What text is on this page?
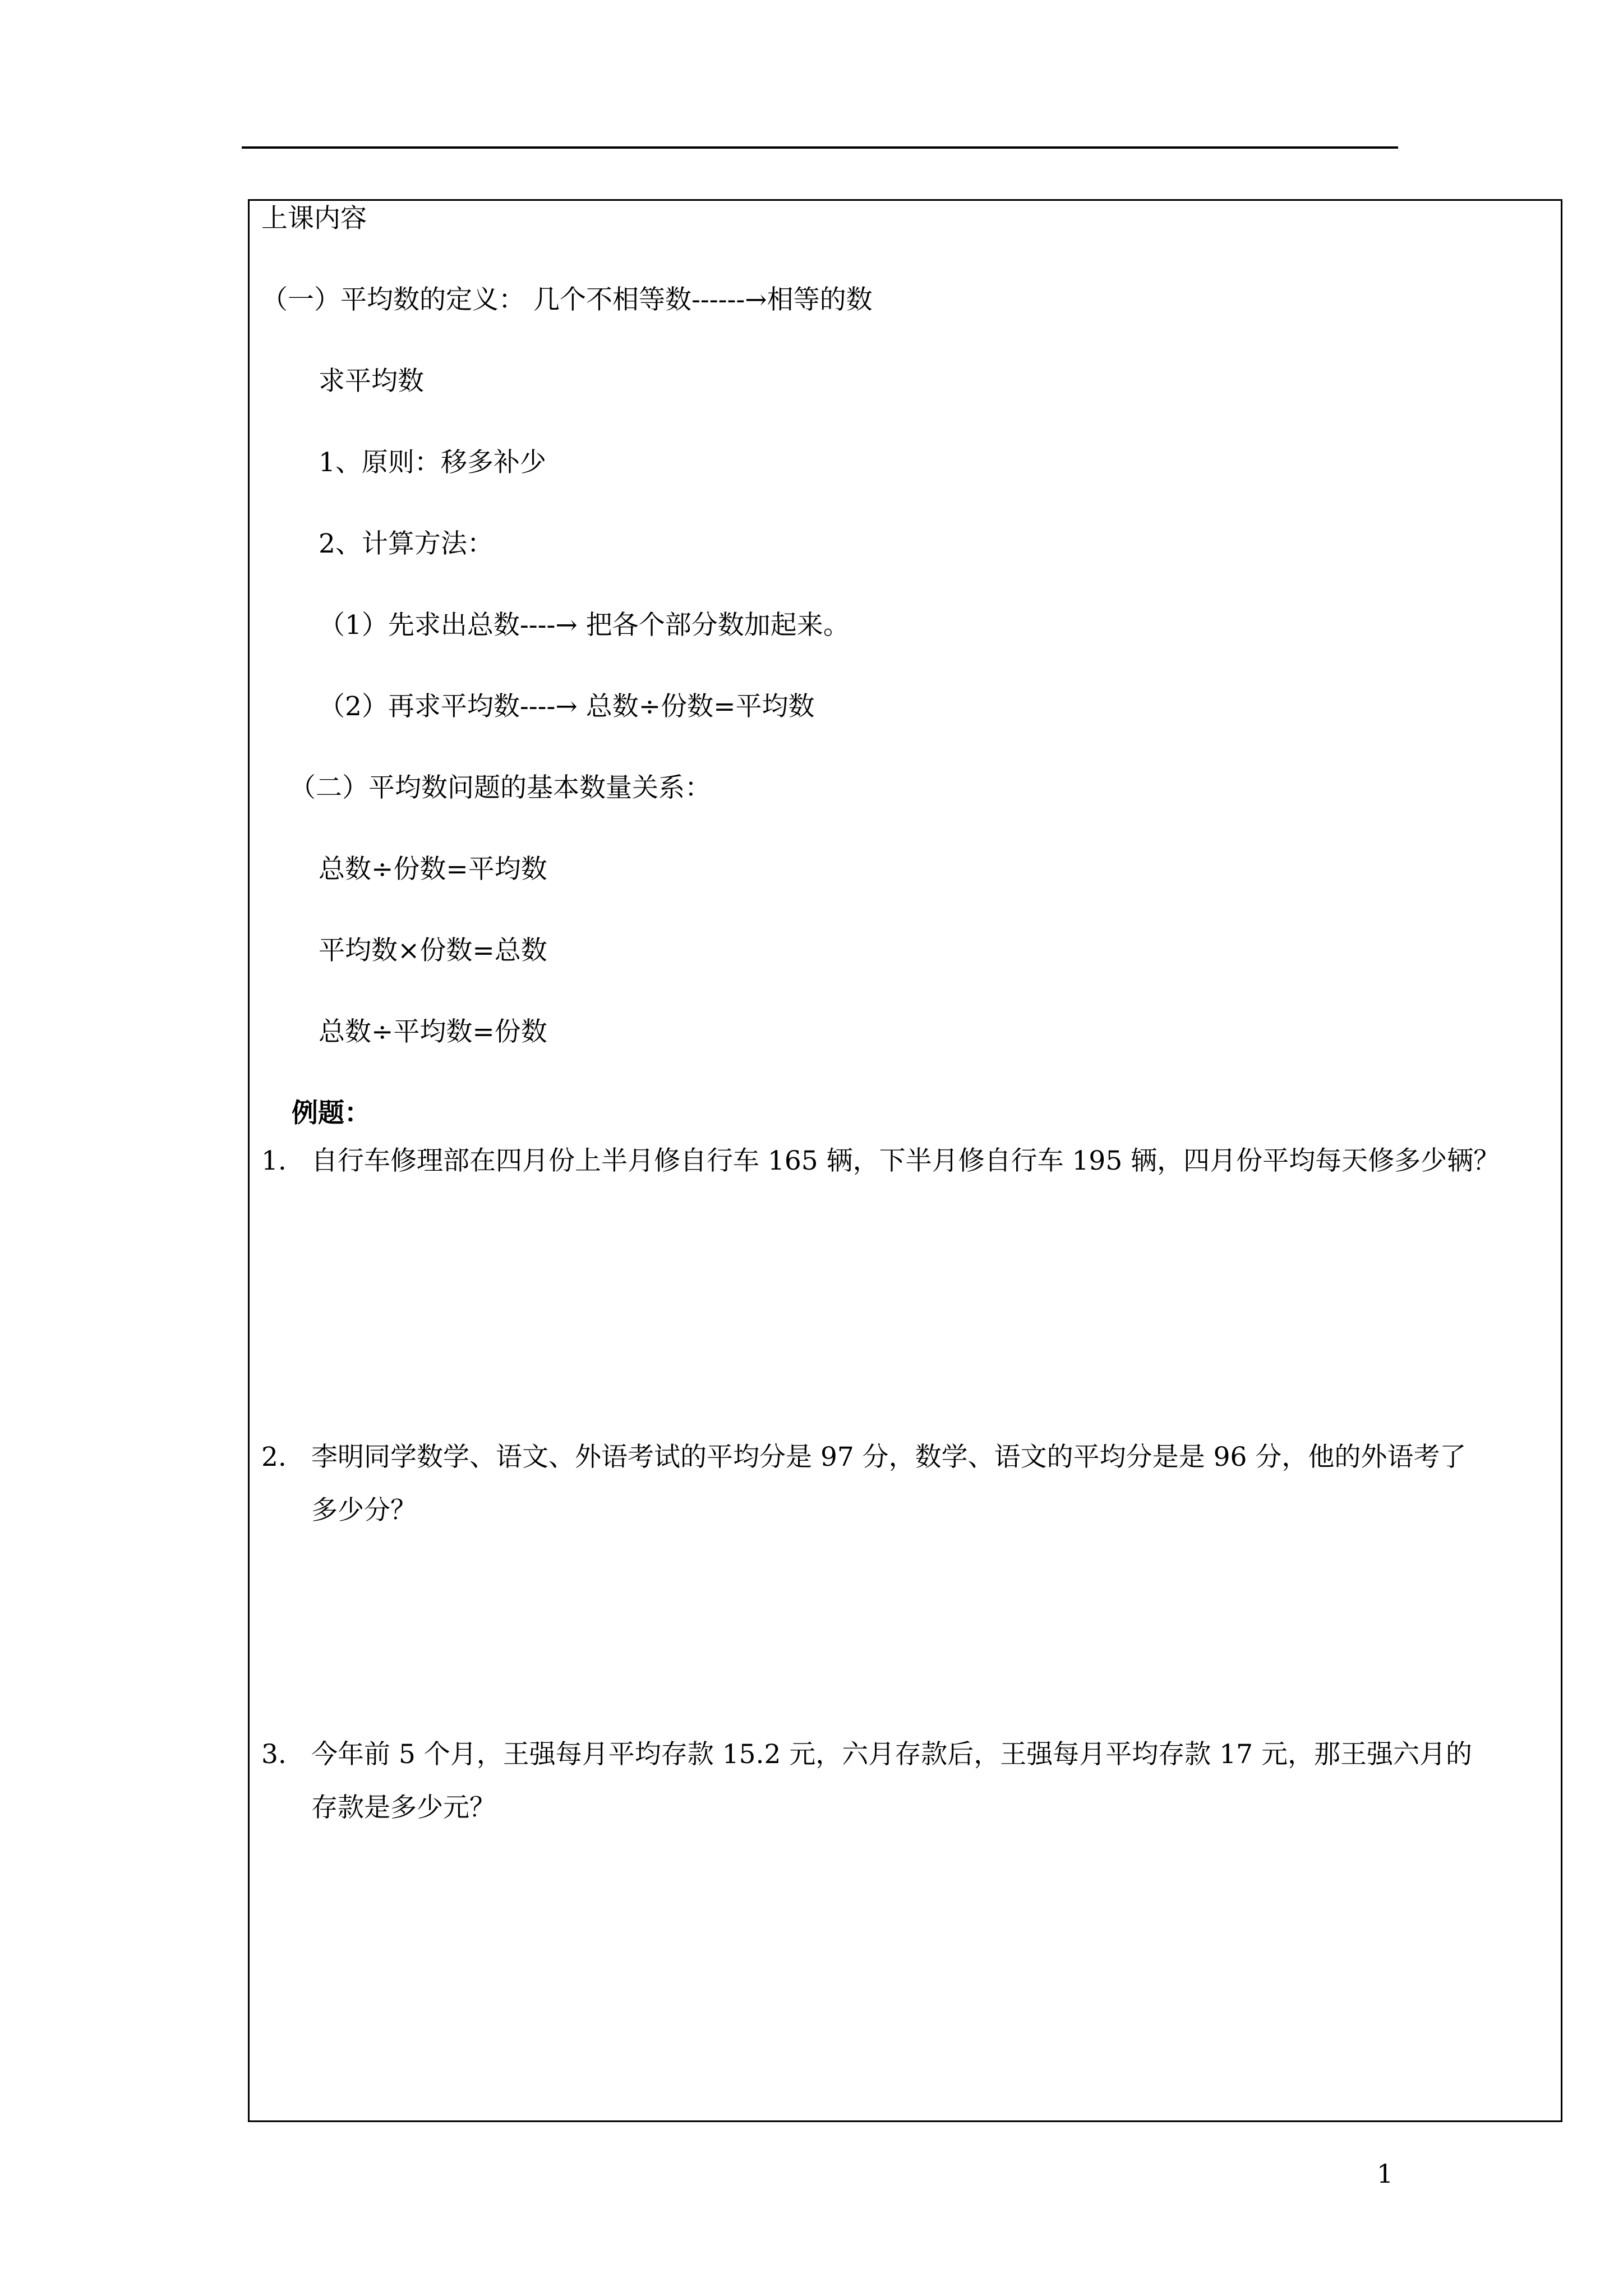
上课内容
（一）平均数的定义： 几个不相等数------→相等的数
求平均数
1、原则：移多补少
2、计算方法：
（1）先求出总数----→ 把各个部分数加起来。
（2）再求平均数----→ 总数÷份数=平均数
（二）平均数问题的基本数量关系：
总数÷份数=平均数
平均数×份数=总数
总数÷平均数=份数
例题：
1. 自行车修理部在四月份上半月修自行车 165 辆，下半月修自行车 195 辆，四月份平均每天修多少辆？
2. 李明同学数学、语文、外语考试的平均分是 97 分，数学、语文的平均分是是 96 分，他的外语考了
多少分？
3. 今年前 5 个月，王强每月平均存款 15.2 元，六月存款后，王强每月平均存款 17 元，那王强六月的
存款是多少元？
1
